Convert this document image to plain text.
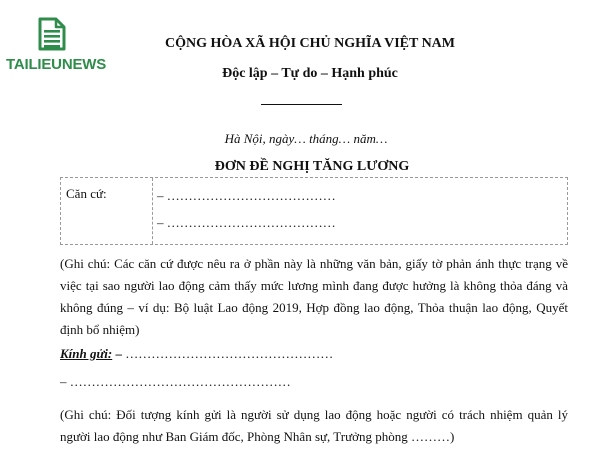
TAILIEUNEWS
CỘNG HÒA XÃ HỘI CHỦ NGHĨA VIỆT NAM
Độc lập – Tự do – Hạnh phúc
Hà Nội, ngày… tháng… năm…
ĐƠN ĐỀ NGHỊ TĂNG LƯƠNG
Căn cứ:	– …………………………………
– …………………………………
(Ghi chú: Các căn cứ được nêu ra ở phần này là những văn bản, giấy tờ phản ánh thực trạng về việc tại sao người lao động cảm thấy mức lương mình đang được hưởng là không thỏa đáng và không đúng – ví dụ: Bộ luật Lao động 2019, Hợp đồng lao động, Thỏa thuận lao động, Quyết định bổ nhiệm)
Kính gửi: – …………………………………………
– ……………………………………………
(Ghi chú: Đối tượng kính gửi là người sử dụng lao động hoặc người có trách nhiệm quản lý người lao động như Ban Giám đốc, Phòng Nhân sự, Trưởng phòng ………)
